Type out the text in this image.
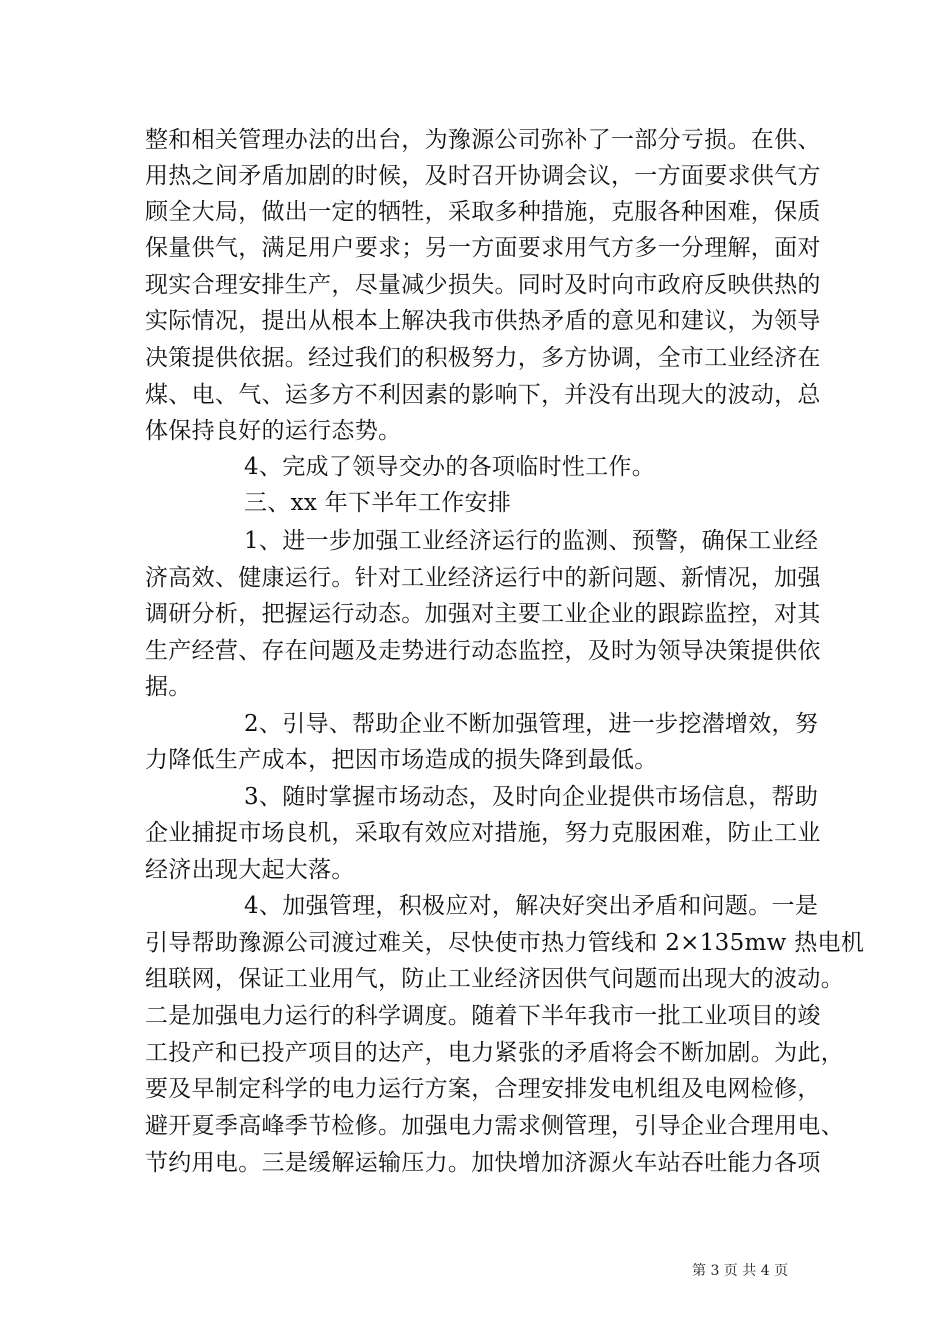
整和相关管理办法的出台，为豫源公司弥补了一部分亏损。在供、
用热之间矛盾加剧的时候，及时召开协调会议，一方面要求供气方
顾全大局，做出一定的牺牲，采取多种措施，克服各种困难，保质
保量供气，满足用户要求；另一方面要求用气方多一分理解，面对
现实合理安排生产，尽量减少损失。同时及时向市政府反映供热的
实际情况，提出从根本上解决我市供热矛盾的意见和建议，为领导
决策提供依据。经过我们的积极努力，多方协调，全市工业经济在
煤、电、气、运多方不利因素的影响下，并没有出现大的波动，总
体保持良好的运行态势。
4、完成了领导交办的各项临时性工作。
三、xx 年下半年工作安排
1、进一步加强工业经济运行的监测、预警，确保工业经
济高效、健康运行。针对工业经济运行中的新问题、新情况，加强
调研分析，把握运行动态。加强对主要工业企业的跟踪监控，对其
生产经营、存在问题及走势进行动态监控，及时为领导决策提供依
据。
2、引导、帮助企业不断加强管理，进一步挖潜增效，努
力降低生产成本，把因市场造成的损失降到最低。
3、随时掌握市场动态，及时向企业提供市场信息，帮助
企业捕捉市场良机，采取有效应对措施，努力克服困难，防止工业
经济出现大起大落。
4、加强管理，积极应对，解决好突出矛盾和问题。一是
引导帮助豫源公司渡过难关，尽快使市热力管线和 2×135mw 热电机
组联网，保证工业用气，防止工业经济因供气问题而出现大的波动。
二是加强电力运行的科学调度。随着下半年我市一批工业项目的竣
工投产和已投产项目的达产，电力紧张的矛盾将会不断加剧。为此，
要及早制定科学的电力运行方案，合理安排发电机组及电网检修，
避开夏季高峰季节检修。加强电力需求侧管理，引导企业合理用电、
节约用电。三是缓解运输压力。加快增加济源火车站吞吐能力各项
第 3 页 共 4 页
